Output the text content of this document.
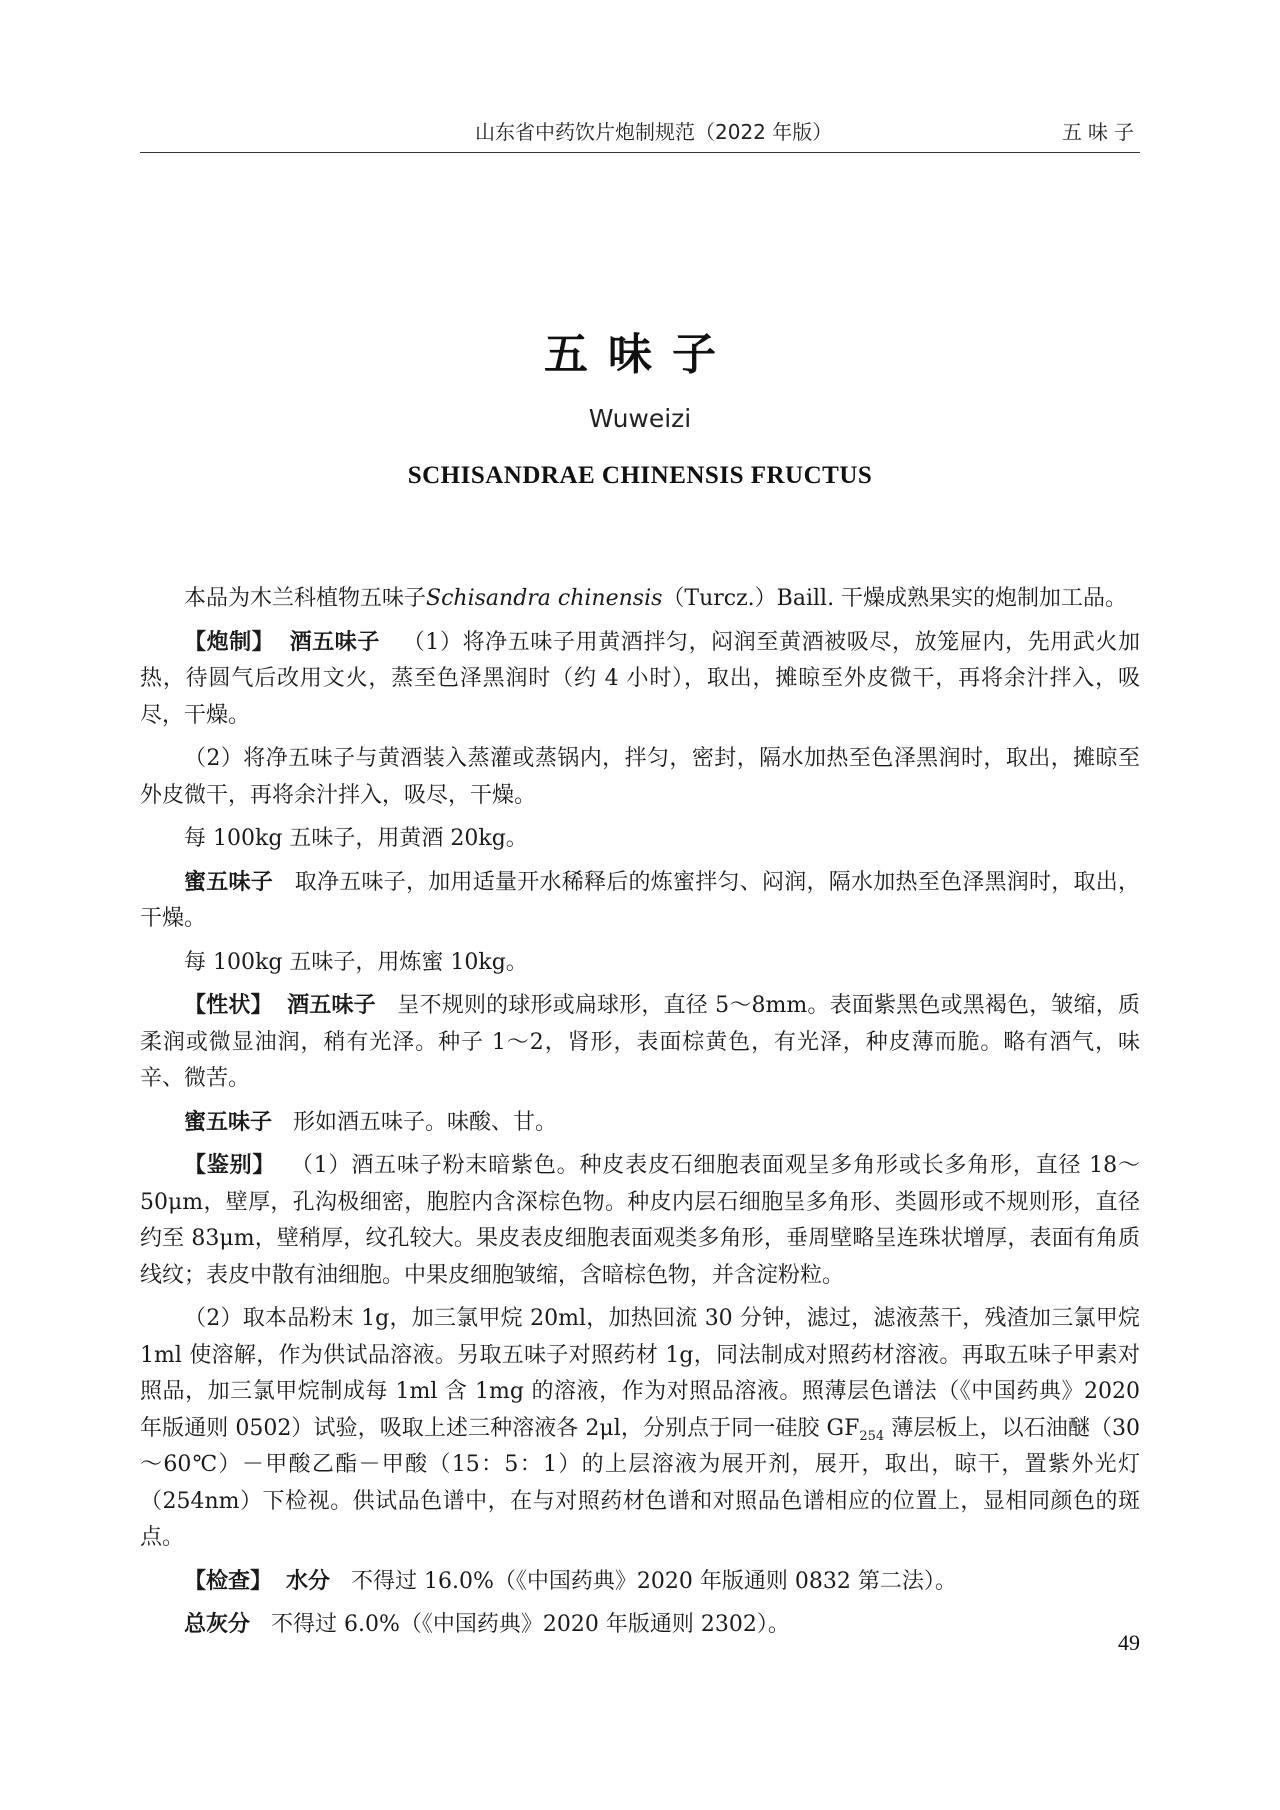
山东省中药饮片炮制规范（2022 年版）	五味子
五味子
Wuweizi
SCHISANDRAE CHINENSIS FRUCTUS

本品为木兰科植物五味子Schisandra chinensis（Turcz.）Baill. 干燥成熟果实的炮制加工品。

【炮制】 酒五味子 （1）将净五味子用黄酒拌匀，闷润至黄酒被吸尽，放笼屉内，先用武火加热，待圆气后改用文火，蒸至色泽黑润时（约 4 小时），取出，摊晾至外皮微干，再将余汁拌入，吸尽，干燥。

（2）将净五味子与黄酒装入蒸灌或蒸锅内，拌匀，密封，隔水加热至色泽黑润时，取出，摊晾至外皮微干，再将余汁拌入，吸尽，干燥。

每 100kg 五味子，用黄酒 20kg。

蜜五味子 取净五味子，加用适量开水稀释后的炼蜜拌匀、闷润，隔水加热至色泽黑润时，取出，干燥。

每 100kg 五味子，用炼蜜 10kg。

【性状】 酒五味子 呈不规则的球形或扁球形，直径 5～8mm。表面紫黑色或黑褐色，皱缩，质柔润或微显油润，稍有光泽。种子 1～2，肾形，表面棕黄色，有光泽，种皮薄而脆。略有酒气，味辛、微苦。

蜜五味子 形如酒五味子。味酸、甘。

【鉴别】 （1）酒五味子粉末暗紫色。种皮表皮石细胞表面观呈多角形或长多角形，直径 18～50μm，壁厚，孔沟极细密，胞腔内含深棕色物。种皮内层石细胞呈多角形、类圆形或不规则形，直径约至 83μm，壁稍厚，纹孔较大。果皮表皮细胞表面观类多角形，垂周壁略呈连珠状增厚，表面有角质线纹；表皮中散有油细胞。中果皮细胞皱缩，含暗棕色物，并含淀粉粒。

（2）取本品粉末 1g，加三氯甲烷 20ml，加热回流 30 分钟，滤过，滤液蒸干，残渣加三氯甲烷 1ml 使溶解，作为供试品溶液。另取五味子对照药材 1g，同法制成对照药材溶液。再取五味子甲素对照品，加三氯甲烷制成每 1ml 含 1mg 的溶液，作为对照品溶液。照薄层色谱法（《中国药典》2020 年版通则 0502）试验，吸取上述三种溶液各 2μl，分别点于同一硅胶 $GF_{254}$ 薄层板上，以石油醚（30～60℃）－甲酸乙酯－甲酸（15：5：1）的上层溶液为展开剂，展开，取出，晾干，置紫外光灯（254nm）下检视。供试品色谱中，在与对照药材色谱和对照品色谱相应的位置上，显相同颜色的斑点。

【检查】 水分 不得过 16.0%（《中国药典》2020 年版通则 0832 第二法）。

总灰分 不得过 6.0%（《中国药典》2020 年版通则 2302）。

49
